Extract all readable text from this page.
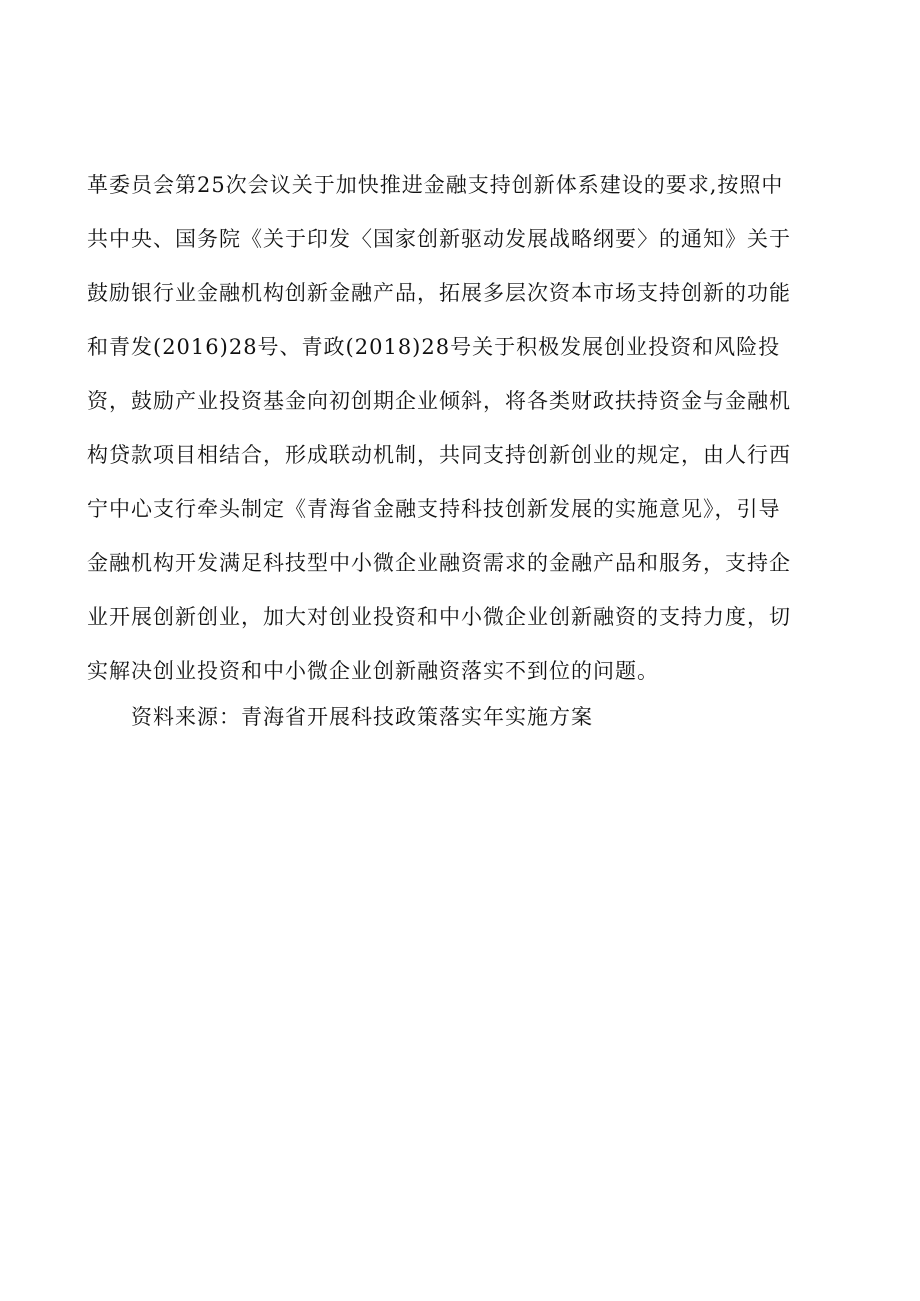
革委员会第25次会议关于加快推进金融支持创新体系建设的要求,按照中
共中央、国务院《关于印发〈国家创新驱动发展战略纲要〉的通知》关于
鼓励银行业金融机构创新金融产品，拓展多层次资本市场支持创新的功能
和青发(2016)28号、青政(2018)28号关于积极发展创业投资和风险投
资，鼓励产业投资基金向初创期企业倾斜，将各类财政扶持资金与金融机
构贷款项目相结合，形成联动机制，共同支持创新创业的规定，由人行西
宁中心支行牵头制定《青海省金融支持科技创新发展的实施意见》，引导
金融机构开发满足科技型中小微企业融资需求的金融产品和服务，支持企
业开展创新创业，加大对创业投资和中小微企业创新融资的支持力度，切
实解决创业投资和中小微企业创新融资落实不到位的问题。
资料来源：青海省开展科技政策落实年实施方案
